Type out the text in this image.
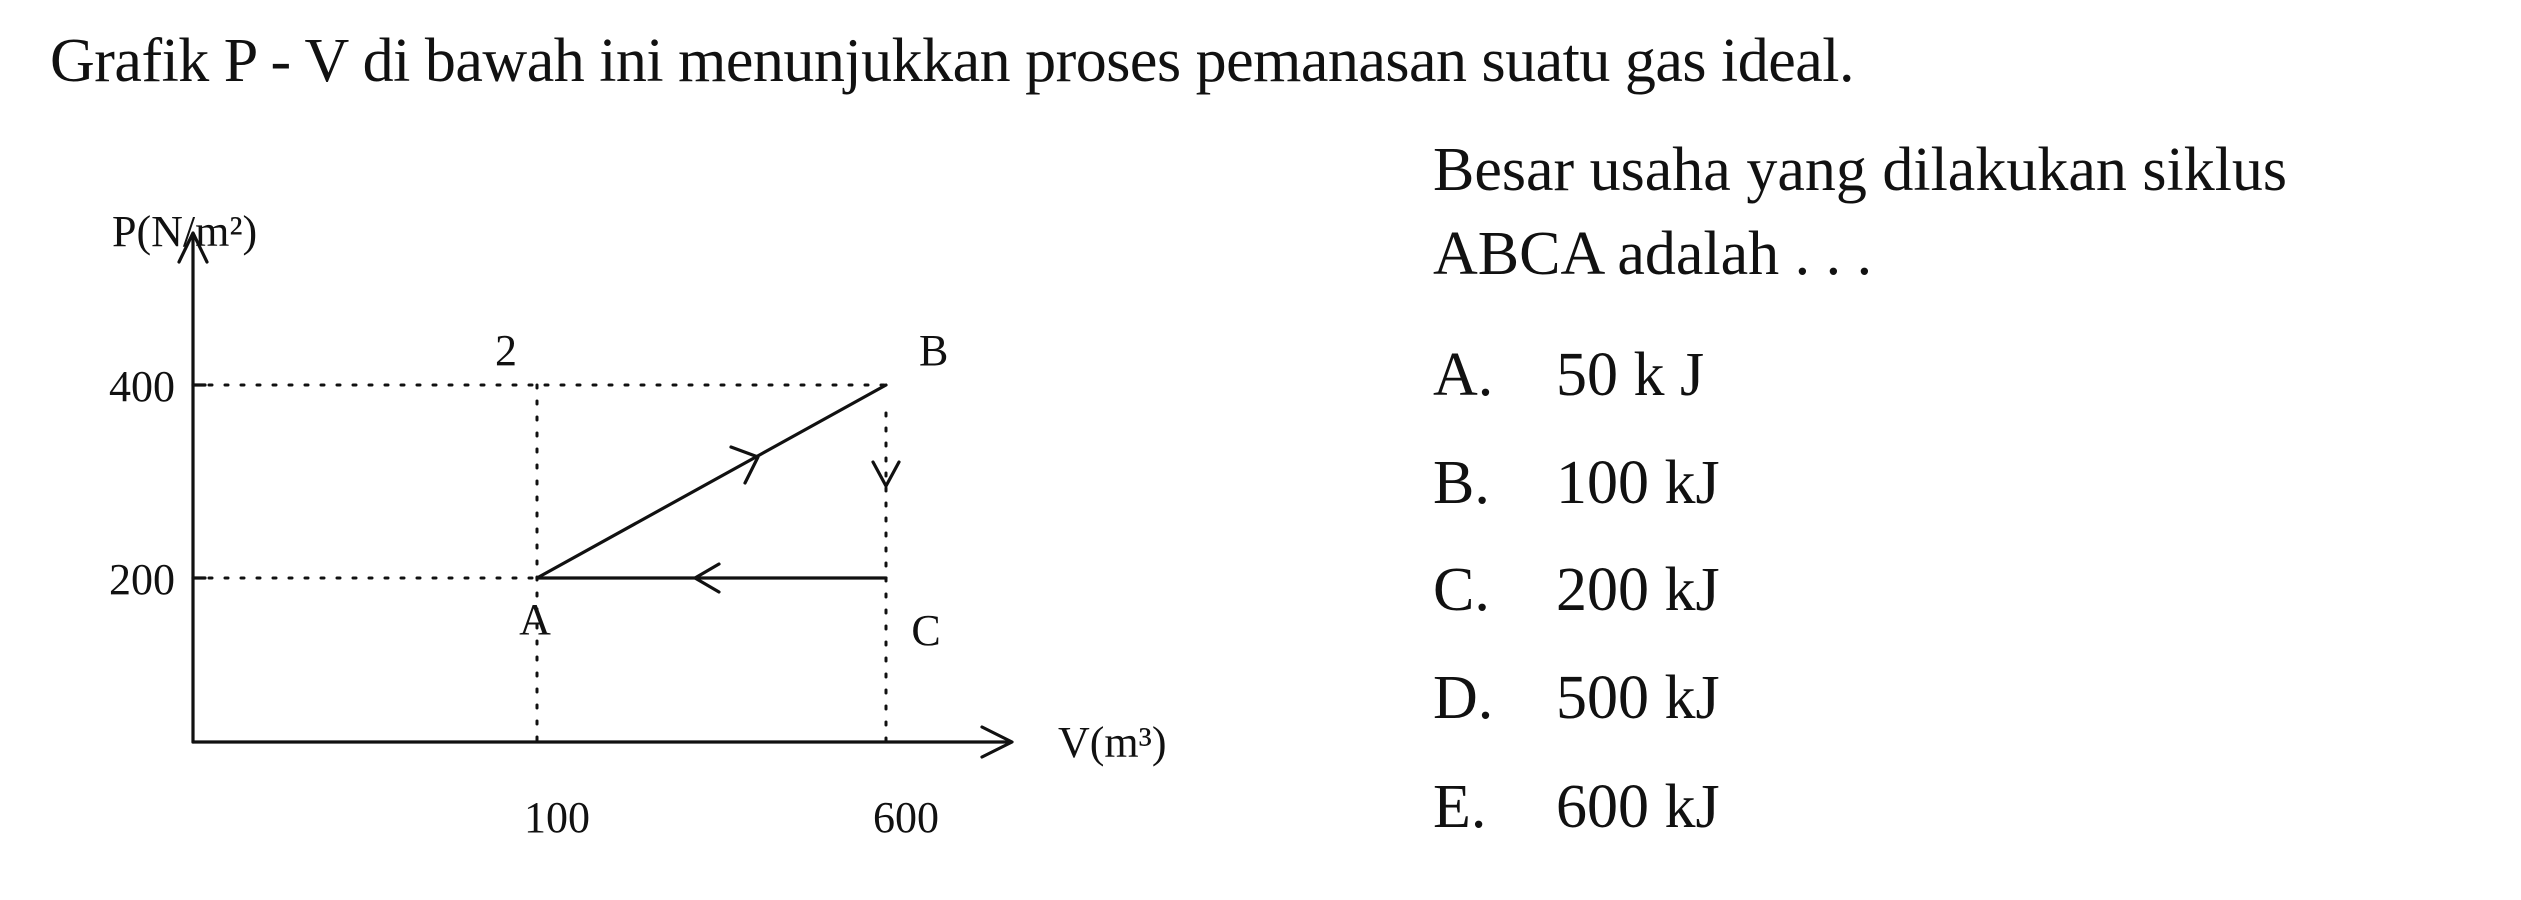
Grafik P - V di bawah ini menunjukkan proses pemanasan suatu gas ideal.
P(N/m²)
400
200
100	600
V(m³)
2	B
A	C
Besar usaha yang dilakukan siklus
ABCA adalah . . .
A.	50 k J
B.	100 kJ
C.	200 kJ
D.	500 kJ
E.	600 kJ
